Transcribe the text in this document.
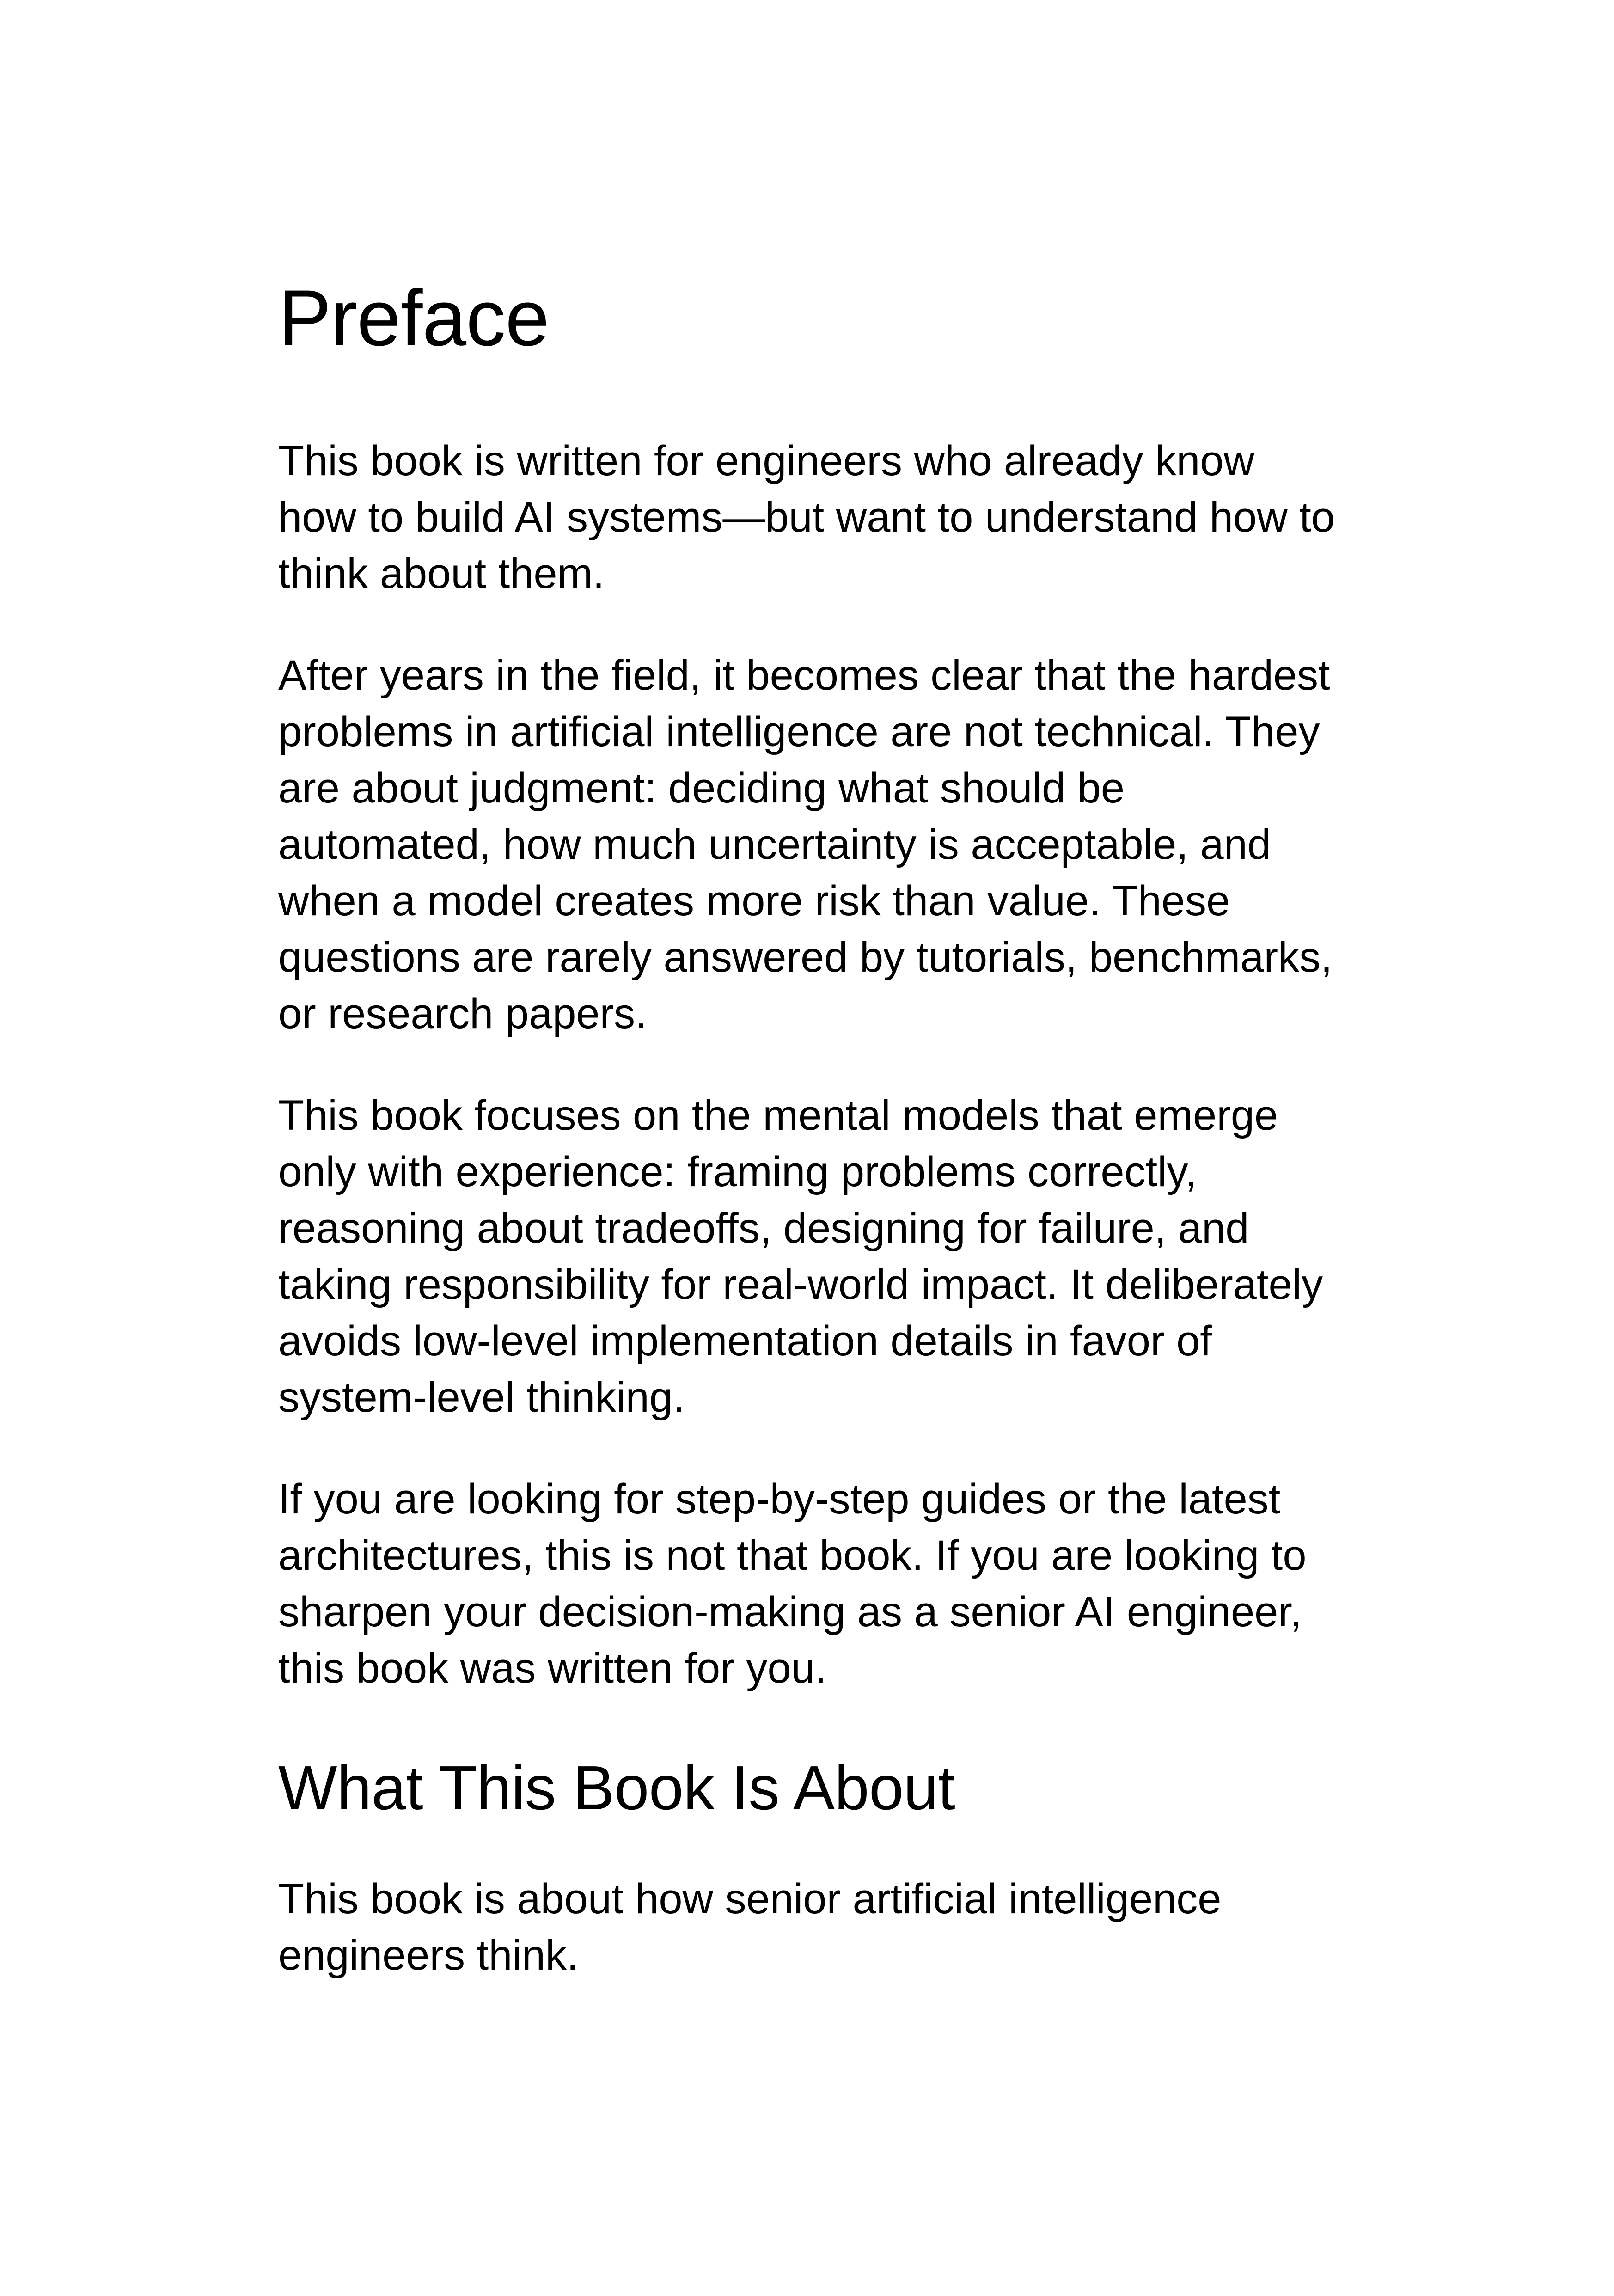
Preface

This book is written for engineers who already know how to build AI systems—but want to understand how to think about them.

After years in the field, it becomes clear that the hardest problems in artificial intelligence are not technical. They are about judgment: deciding what should be automated, how much uncertainty is acceptable, and when a model creates more risk than value. These questions are rarely answered by tutorials, benchmarks, or research papers.

This book focuses on the mental models that emerge only with experience: framing problems correctly, reasoning about tradeoffs, designing for failure, and taking responsibility for real-world impact. It deliberately avoids low-level implementation details in favor of system-level thinking.

If you are looking for step-by-step guides or the latest architectures, this is not that book. If you are looking to sharpen your decision-making as a senior AI engineer, this book was written for you.

What This Book Is About

This book is about how senior artificial intelligence engineers think.
